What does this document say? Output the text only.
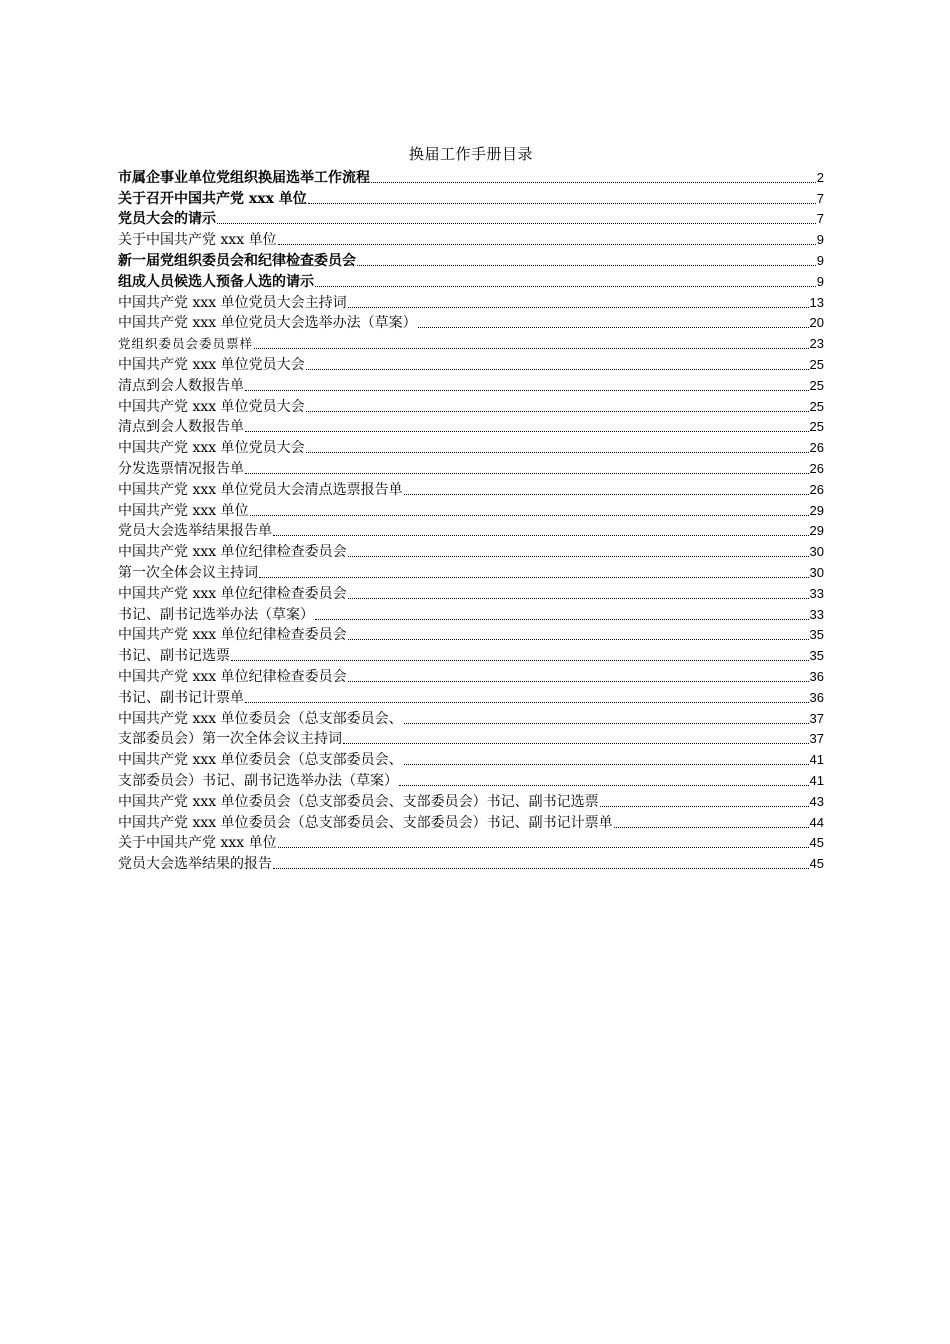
换届工作手册目录
市属企事业单位党组织换届选举工作流程	2
关于召开中国共产党 xxx 单位	7
党员大会的请示	7
关于中国共产党 xxx 单位	9
新一届党组织委员会和纪律检查委员会	9
组成人员候选人预备人选的请示	9
中国共产党 xxx 单位党员大会主持词	13
中国共产党 xxx 单位党员大会选举办法（草案）	20
党组织委员会委员票样	23
中国共产党 xxx 单位党员大会	25
清点到会人数报告单	25
中国共产党 xxx 单位党员大会	25
清点到会人数报告单	25
中国共产党 xxx 单位党员大会	26
分发选票情况报告单	26
中国共产党 xxx 单位党员大会清点选票报告单	26
中国共产党 xxx 单位	29
党员大会选举结果报告单	29
中国共产党 xxx 单位纪律检查委员会	30
第一次全体会议主持词	30
中国共产党 xxx 单位纪律检查委员会	33
书记、副书记选举办法（草案）	33
中国共产党 xxx 单位纪律检查委员会	35
书记、副书记选票	35
中国共产党 xxx 单位纪律检查委员会	36
书记、副书记计票单	36
中国共产党 xxx 单位委员会（总支部委员会、	37
支部委员会）第一次全体会议主持词	37
中国共产党 xxx 单位委员会（总支部委员会、	41
支部委员会）书记、副书记选举办法（草案）	41
中国共产党 xxx 单位委员会（总支部委员会、支部委员会）书记、副书记选票	43
中国共产党 xxx 单位委员会（总支部委员会、支部委员会）书记、副书记计票单	44
关于中国共产党 xxx 单位	45
党员大会选举结果的报告	45
